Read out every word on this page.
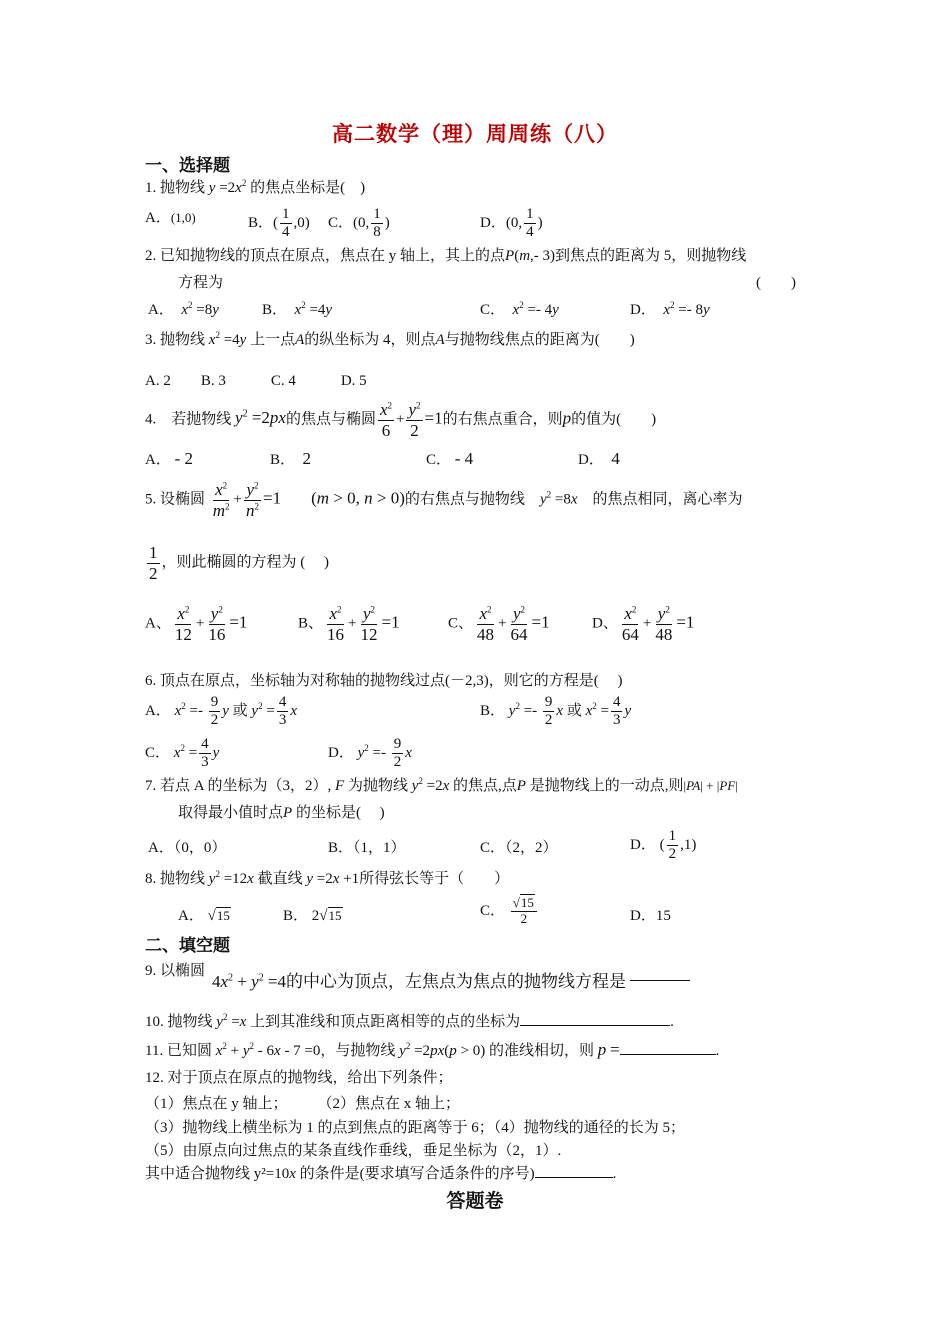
高二数学（理）周周练（八）
一、选择题
1. 抛物线 $y =2x^2$ 的焦点坐标是(　)
A．(1,0)	B．( $\frac{1}{4} ,0$) C．(0, $\frac{1}{8}$ )	D．(0, $\frac{1}{4}$ )
2. 已知抛物线的顶点在原点，焦点在 y 轴上，其上的点P(m,- 3)到焦点的距离为 5，则抛物线
方程为	(　　)
A．　$x^2 =8y$	B．　$x^2 =4y$	C．　$x^2 =- 4y$	D．　$x^2 =- 8y$
3. 抛物线 $x^2 =4y$ 上一点A的纵坐标为 4，则点A与抛物线焦点的距离为(　　)
A. 2　　B. 3　　　C. 4　　　D. 5
4.　若抛物线 $y^2 =2px$的焦点与椭圆 $\frac{x^2}{6} + \frac{y^2}{2} =1$的右焦点重合，则p的值为(　　)
A． - 2	B．　 2	C． - 4	D．　 4
5. 设椭圆 $\frac{x^2}{m^2} + \frac{y^2}{n^2} =1$　　 (m > 0, n > 0)的右焦点与抛物线　 $y^2 =8x$　 的焦点相同，离心率为
$\frac{1}{2}$ ，则此椭圆的方程为 (　 )
A、 $\frac{x^2}{12} + \frac{y^2}{16} =1$	B、 $\frac{x^2}{16} + \frac{y^2}{12} =1$	C、 $\frac{x^2}{48} + \frac{y^2}{64} =1$	D、 $\frac{x^2}{64} + \frac{y^2}{48} =1$
6. 顶点在原点，坐标轴为对称轴的抛物线过点(－2,3)，则它的方程是(　 )
A． $x^2 =- \frac{9}{2}$ y 或 $y^2 = \frac{4}{3}$ x	B． $y^2 =- \frac{9}{2}$ x 或 $x^2 = \frac{4}{3}$ y
C． $x^2 = \frac{4}{3}$ y	D． $y^2 =- \frac{9}{2}$ x
7. 若点 A 的坐标为（3，2）, F 为抛物线 $y^2 =2x$ 的焦点,点P 是抛物线上的一动点,则|PA| + |PF|
取得最小值时点P 的坐标是(　 )
A．（0，0）	B．（1，1）	C．（2，2）	D． ( $\frac{1}{2} ,1$)
8. 抛物线 $y^2 =12x$ 截直线 y =2x +1所得弦长等于（　　）
A． √15	B． 2√15	C． $\frac{√15}{2}$	D．15
二、填空题
9. 以椭圆
$4x^2 + y^2 =4$的中心为顶点，左焦点为焦点的抛物线方程是
10. 抛物线 $y^2 =x$ 上到其准线和顶点距离相等的点的坐标为	.
11. 已知圆 $x^2 + y^2 - 6x - 7 =0$，与抛物线 $y^2 =2px(p > 0)$ 的准线相切，则 p =	.
12. 对于顶点在原点的抛物线，给出下列条件；
（1）焦点在 y 轴上；　　　（2）焦点在 x 轴上；
（3）抛物线上横坐标为 1 的点到焦点的距离等于 6；（4）抛物线的通径的长为 5；
（5）由原点向过焦点的某条直线作垂线，垂足坐标为（2，1）.
其中适合抛物线 y²=10x 的条件是(要求填写合适条件的序号)	.
答题卷
